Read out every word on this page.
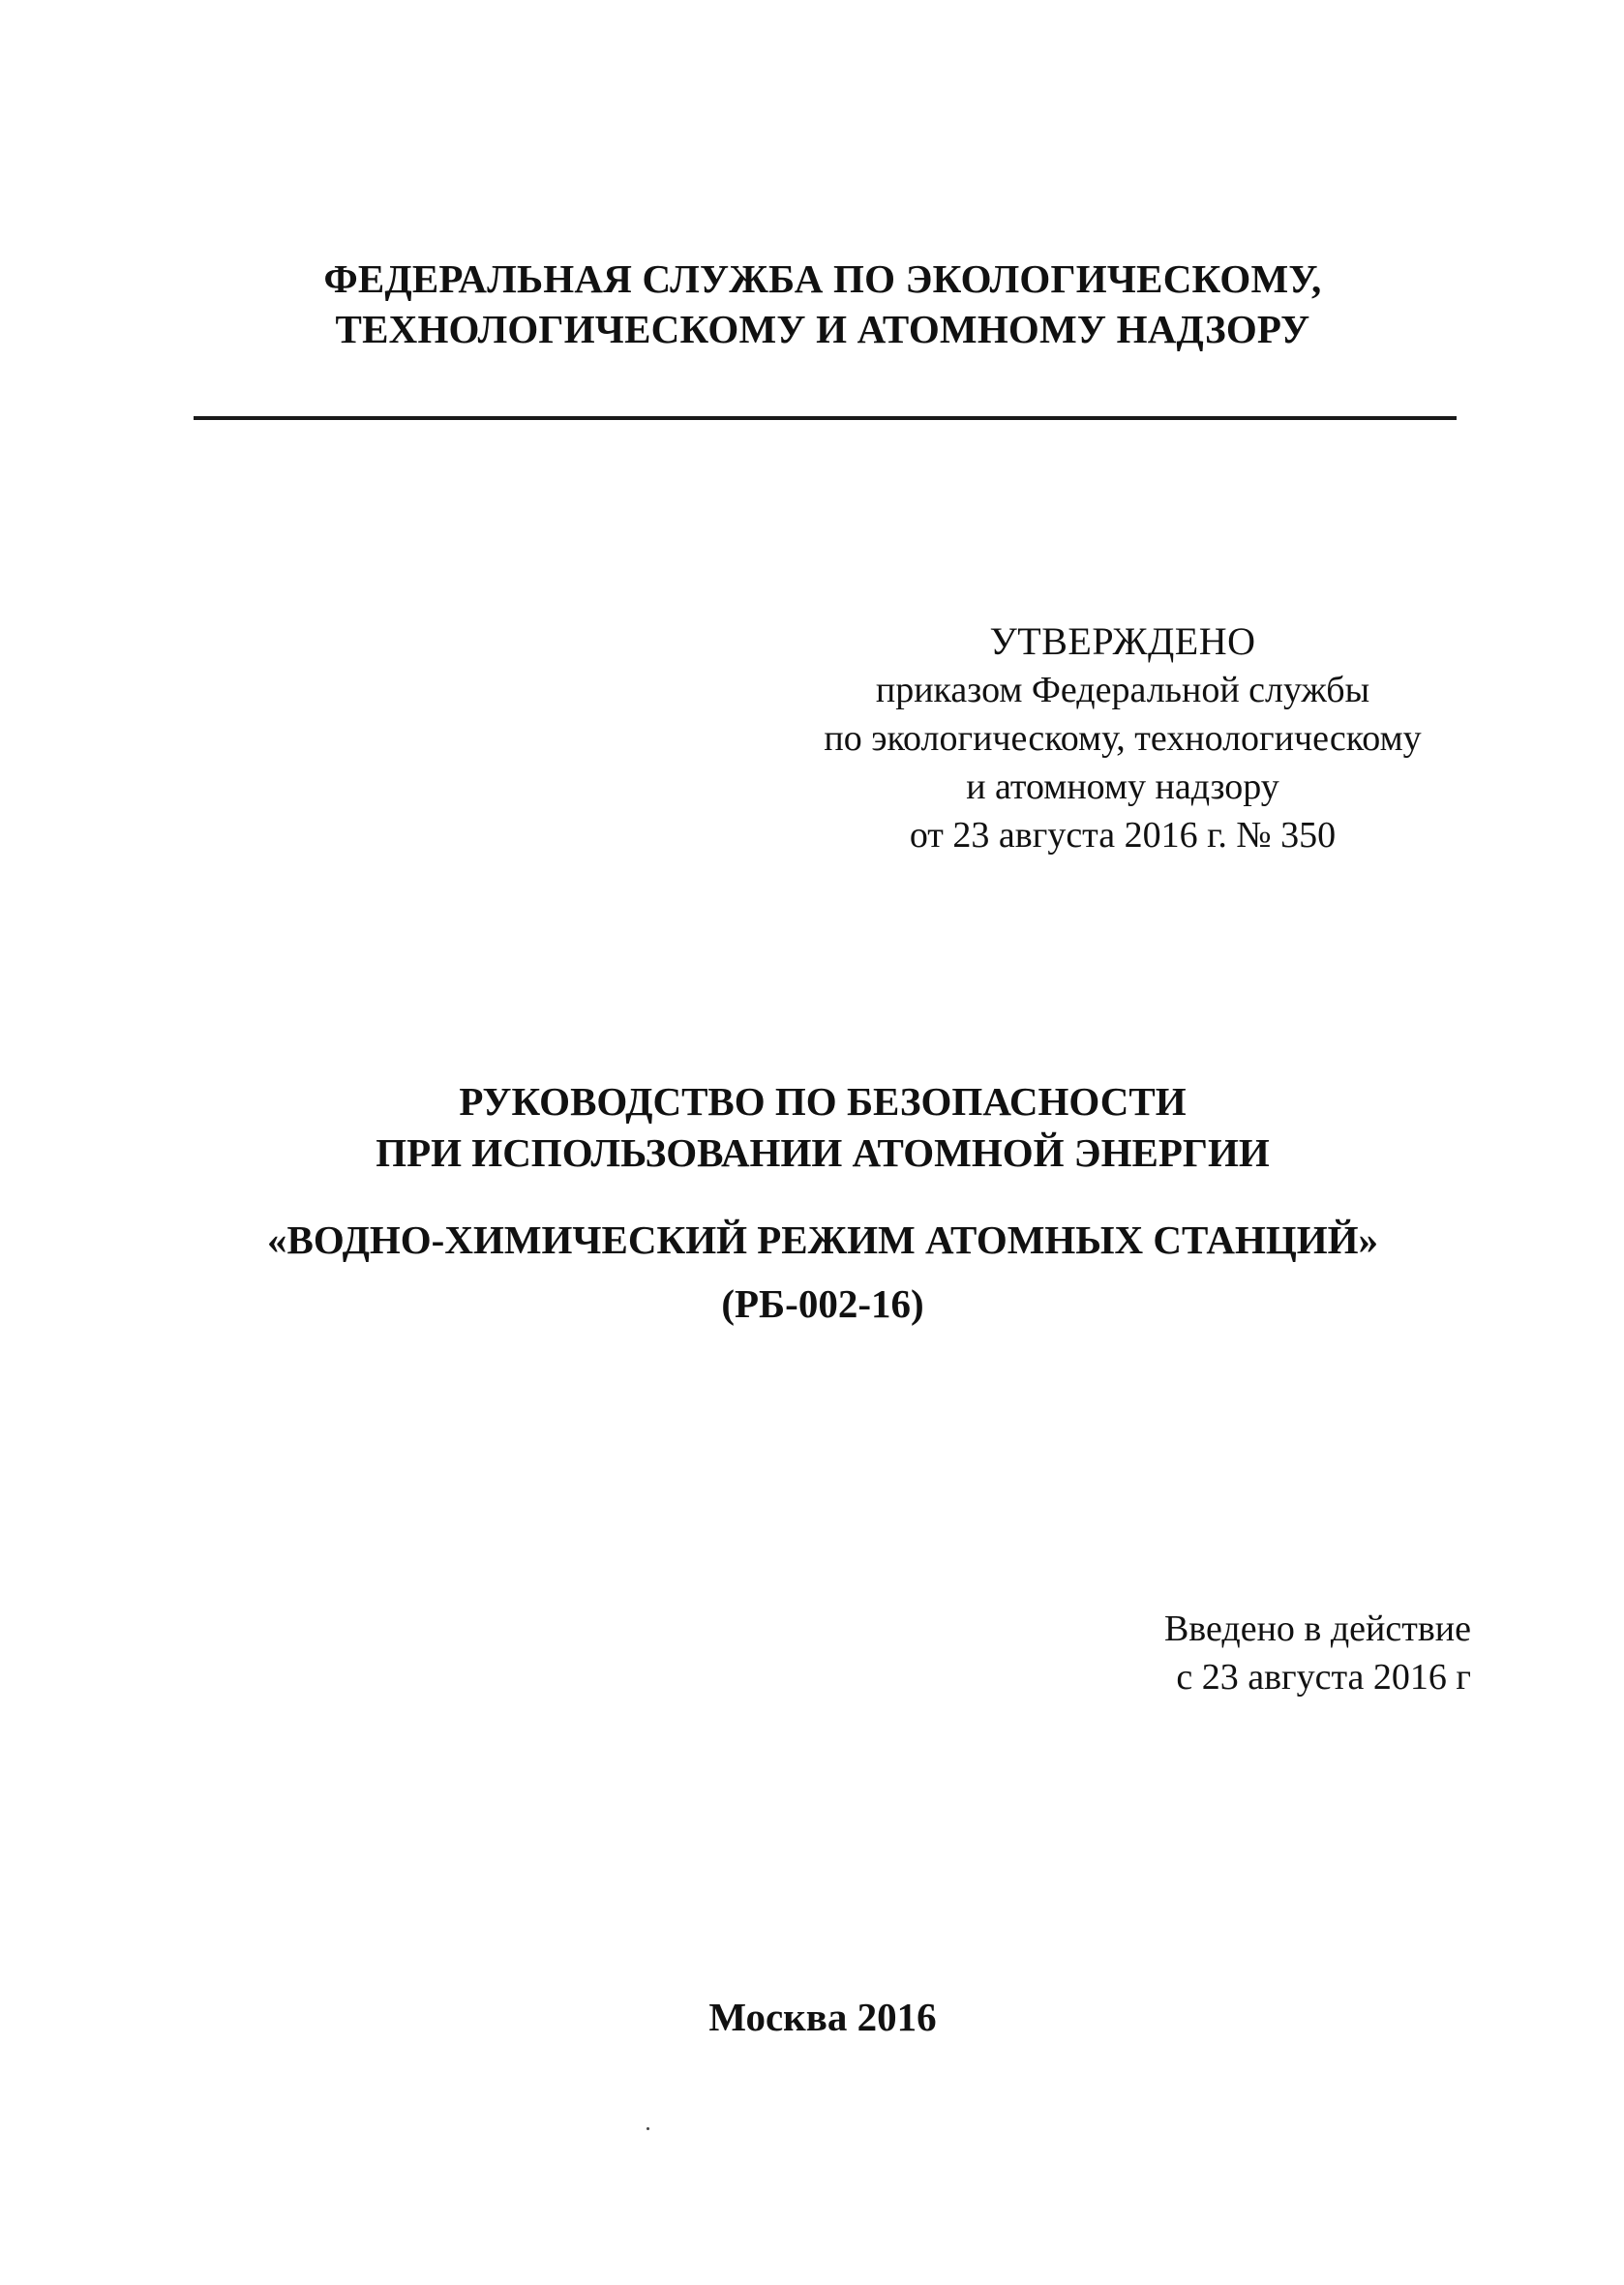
ФЕДЕРАЛЬНАЯ СЛУЖБА ПО ЭКОЛОГИЧЕСКОМУ,
ТЕХНОЛОГИЧЕСКОМУ И АТОМНОМУ НАДЗОРУ
УТВЕРЖДЕНО
приказом Федеральной службы
по экологическому, технологическому
и атомному надзору
от 23 августа 2016 г. № 350
РУКОВОДСТВО ПО БЕЗОПАСНОСТИ
ПРИ ИСПОЛЬЗОВАНИИ АТОМНОЙ ЭНЕРГИИ
«ВОДНО-ХИМИЧЕСКИЙ РЕЖИМ АТОМНЫХ СТАНЦИЙ»
(РБ-002-16)
Введено в действие
с 23 августа 2016 г
Москва 2016
